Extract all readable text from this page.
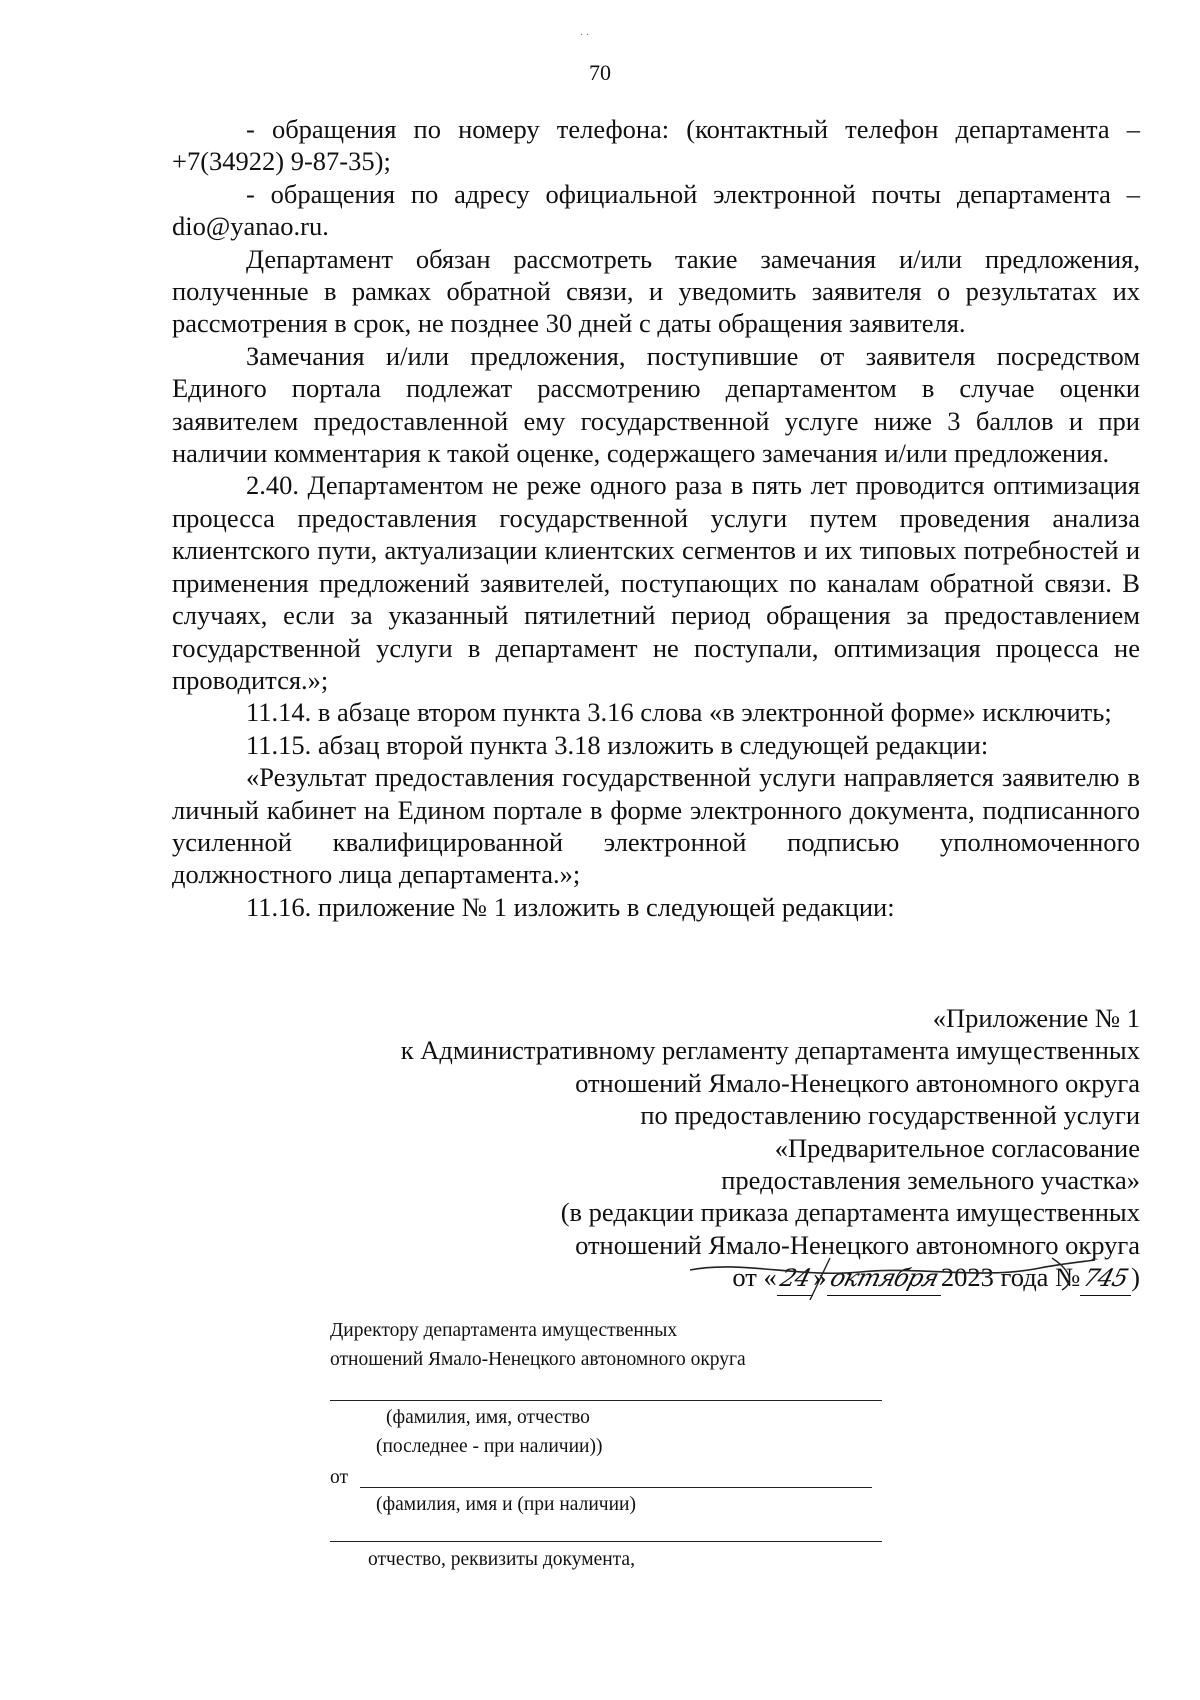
· ·
70

- обращения по номеру телефона: (контактный телефон департамента – +7(34922) 9-87-35);

- обращения по адресу официальной электронной почты департамента – dio@yanao.ru.

Департамент обязан рассмотреть такие замечания и/или предложения, полученные в рамках обратной связи, и уведомить заявителя о результатах их рассмотрения в срок, не позднее 30 дней с даты обращения заявителя.

Замечания и/или предложения, поступившие от заявителя посредством Единого портала подлежат рассмотрению департаментом в случае оценки заявителем предоставленной ему государственной услуге ниже 3 баллов и при наличии комментария к такой оценке, содержащего замечания и/или предложения.

2.40. Департаментом не реже одного раза в пять лет проводится оптимизация процесса предоставления государственной услуги путем проведения анализа клиентского пути, актуализации клиентских сегментов и их типовых потребностей и применения предложений заявителей, поступающих по каналам обратной связи. В случаях, если за указанный пятилетний период обращения за предоставлением государственной услуги в департамент не поступали, оптимизация процесса не проводится.»;

11.14. в абзаце втором пункта 3.16 слова «в электронной форме» исключить;

11.15. абзац второй пункта 3.18 изложить в следующей редакции:

«Результат предоставления государственной услуги направляется заявителю в личный кабинет на Едином портале в форме электронного документа, подписанного усиленной квалифицированной электронной подписью уполномоченного должностного лица департамента.»;

11.16. приложение № 1 изложить в следующей редакции:

«Приложение № 1
к Административному регламенту департамента имущественных
отношений Ямало-Ненецкого автономного округа
по предоставлению государственной услуги
«Предварительное согласование
предоставления земельного участка»
(в редакции приказа департамента имущественных
отношений Ямало-Ненецкого автономного округа
от «24»октября2023 года №745)
Директору департамента имущественных
отношений Ямало-Ненецкого автономного округа
(фамилия, имя, отчество
(последнее - при наличии))
от
(фамилия, имя и (при наличии)
отчество, реквизиты документа,
